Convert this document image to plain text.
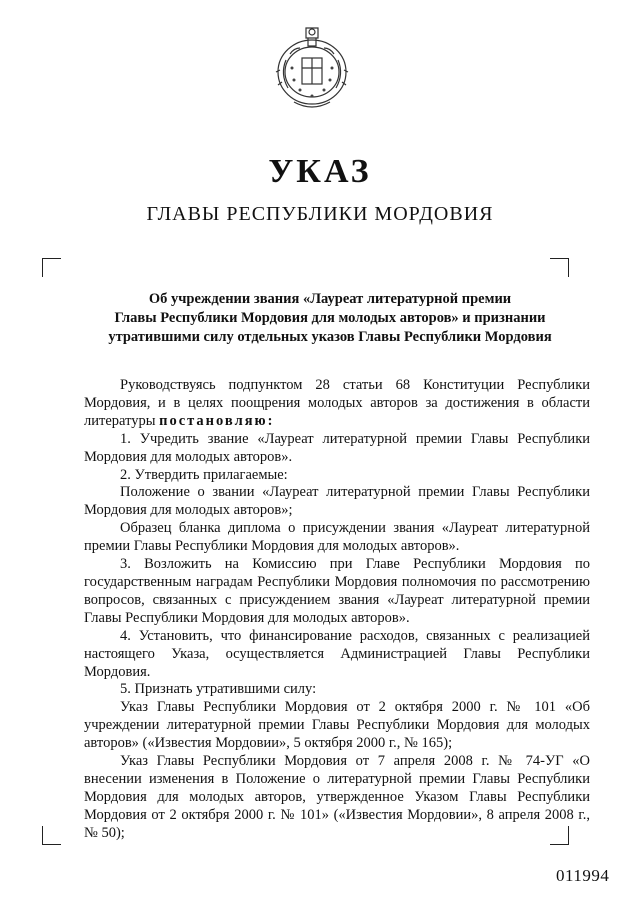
УКАЗ
ГЛАВЫ РЕСПУБЛИКИ МОРДОВИЯ
Об учреждении звания «Лауреат литературной премии
Главы Республики Мордовия для молодых авторов» и признании
утратившими силу отдельных указов Главы Республики Мордовия

Руководствуясь подпунктом 28 статьи 68 Конституции Республики Мордовия, и в целях поощрения молодых авторов за достижения в области литературы постановляю:

1. Учредить звание «Лауреат литературной премии Главы Республики Мордовия для молодых авторов».

2. Утвердить прилагаемые:

Положение о звании «Лауреат литературной премии Главы Республики Мордовия для молодых авторов»;

Образец бланка диплома о присуждении звания «Лауреат литературной премии Главы Республики Мордовия для молодых авторов».

3. Возложить на Комиссию при Главе Республики Мордовия по государственным наградам Республики Мордовия полномочия по рассмотрению вопросов, связанных с присуждением звания «Лауреат литературной премии Главы Республики Мордовия для молодых авторов».

4. Установить, что финансирование расходов, связанных с реализацией настоящего Указа, осуществляется Администрацией Главы Республики Мордовия.

5. Признать утратившими силу:

Указ Главы Республики Мордовия от 2 октября 2000 г. № 101 «Об учреждении литературной премии Главы Республики Мордовия для молодых авторов» («Известия Мордовии», 5 октября 2000 г., № 165);

Указ Главы Республики Мордовия от 7 апреля 2008 г. № 74-УГ «О внесении изменения в Положение о литературной премии Главы Республики Мордовия для молодых авторов, утвержденное Указом Главы Республики Мордовия от 2 октября 2000 г. № 101» («Известия Мордовии», 8 апреля 2008 г., № 50);

011994
